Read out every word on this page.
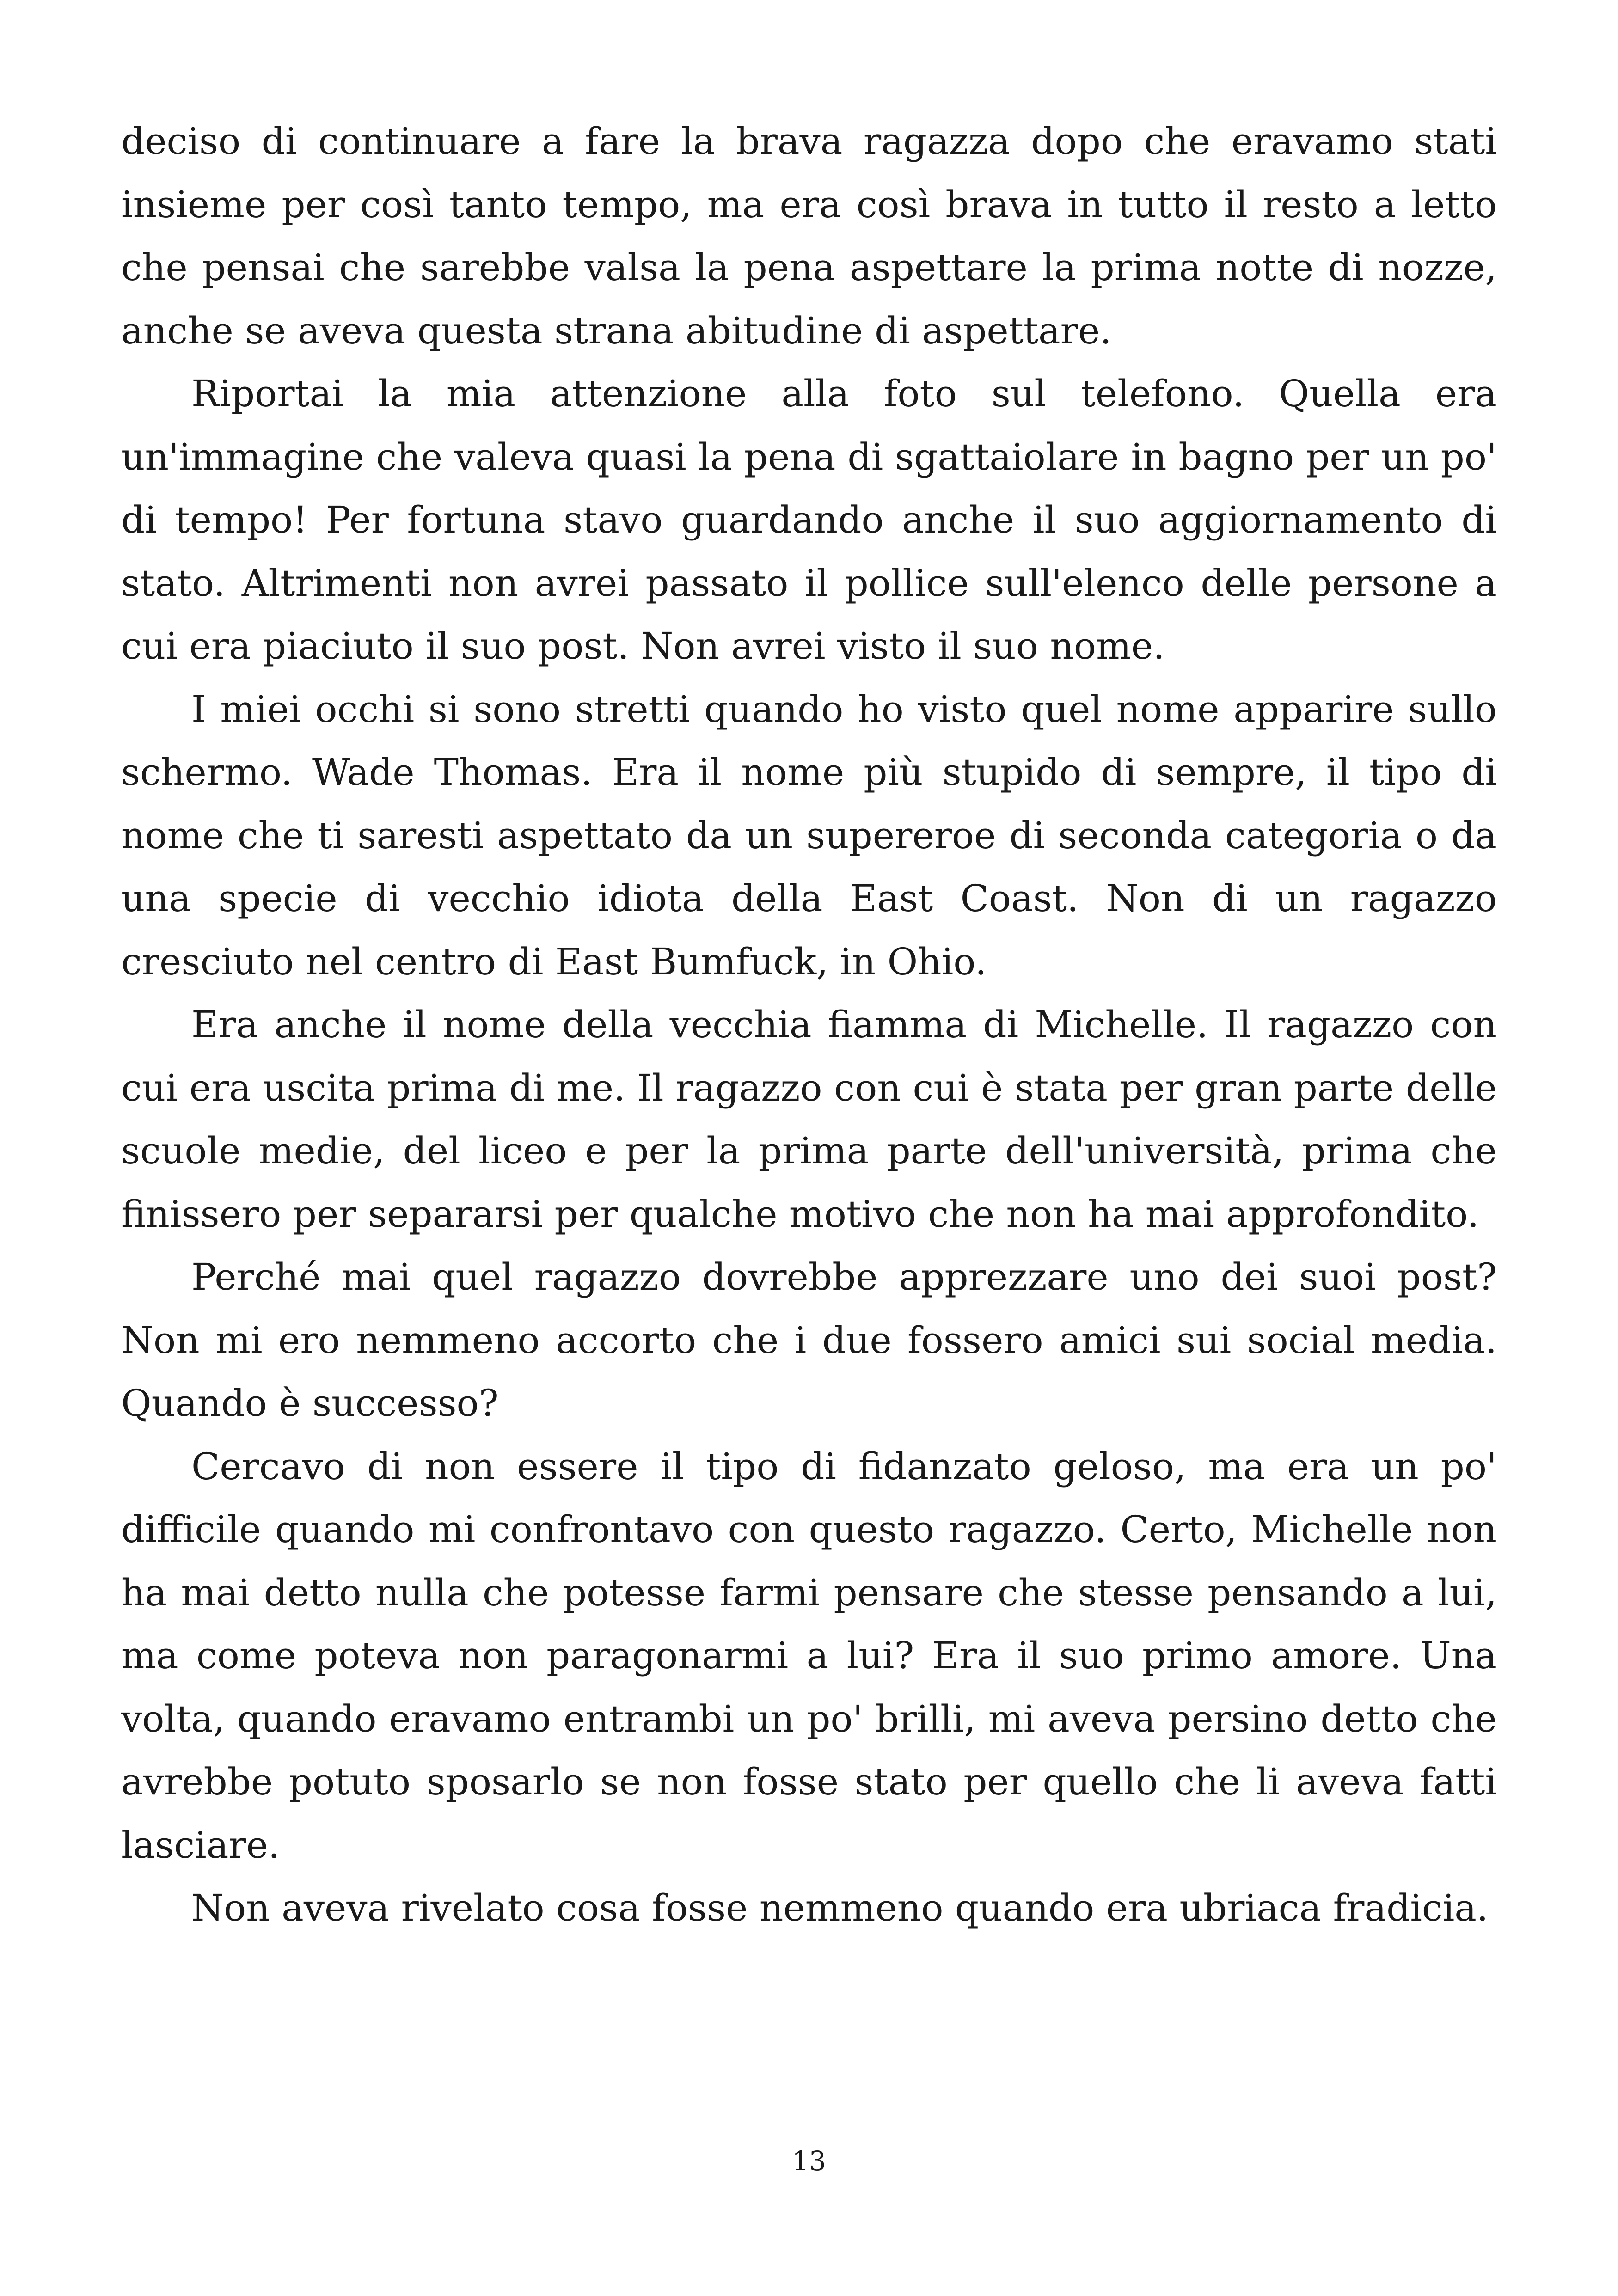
deciso di continuare a fare la brava ragazza dopo che eravamo stati insieme per così tanto tempo, ma era così brava in tutto il resto a letto che pensai che sarebbe valsa la pena aspettare la prima notte di nozze, anche se aveva questa strana abitudine di aspettare.

Riportai la mia attenzione alla foto sul telefono. Quella era un'immagine che valeva quasi la pena di sgattaiolare in bagno per un po' di tempo! Per fortuna stavo guardando anche il suo aggiornamento di stato. Altrimenti non avrei passato il pollice sull'elenco delle persone a cui era piaciuto il suo post. Non avrei visto il suo nome.

I miei occhi si sono stretti quando ho visto quel nome apparire sullo schermo. Wade Thomas. Era il nome più stupido di sempre, il tipo di nome che ti saresti aspettato da un supereroe di seconda categoria o da una specie di vecchio idiota della East Coast. Non di un ragazzo cresciuto nel centro di East Bumfuck, in Ohio.

Era anche il nome della vecchia fiamma di Michelle. Il ragazzo con cui era uscita prima di me. Il ragazzo con cui è stata per gran parte delle scuole medie, del liceo e per la prima parte dell'università, prima che finissero per separarsi per qualche motivo che non ha mai approfondito.

Perché mai quel ragazzo dovrebbe apprezzare uno dei suoi post? Non mi ero nemmeno accorto che i due fossero amici sui social media. Quando è successo?

Cercavo di non essere il tipo di fidanzato geloso, ma era un po' difficile quando mi confrontavo con questo ragazzo. Certo, Michelle non ha mai detto nulla che potesse farmi pensare che stesse pensando a lui, ma come poteva non paragonarmi a lui? Era il suo primo amore. Una volta, quando eravamo entrambi un po' brilli, mi aveva persino detto che avrebbe potuto sposarlo se non fosse stato per quello che li aveva fatti lasciare.

Non aveva rivelato cosa fosse nemmeno quando era ubriaca fradicia.

13
